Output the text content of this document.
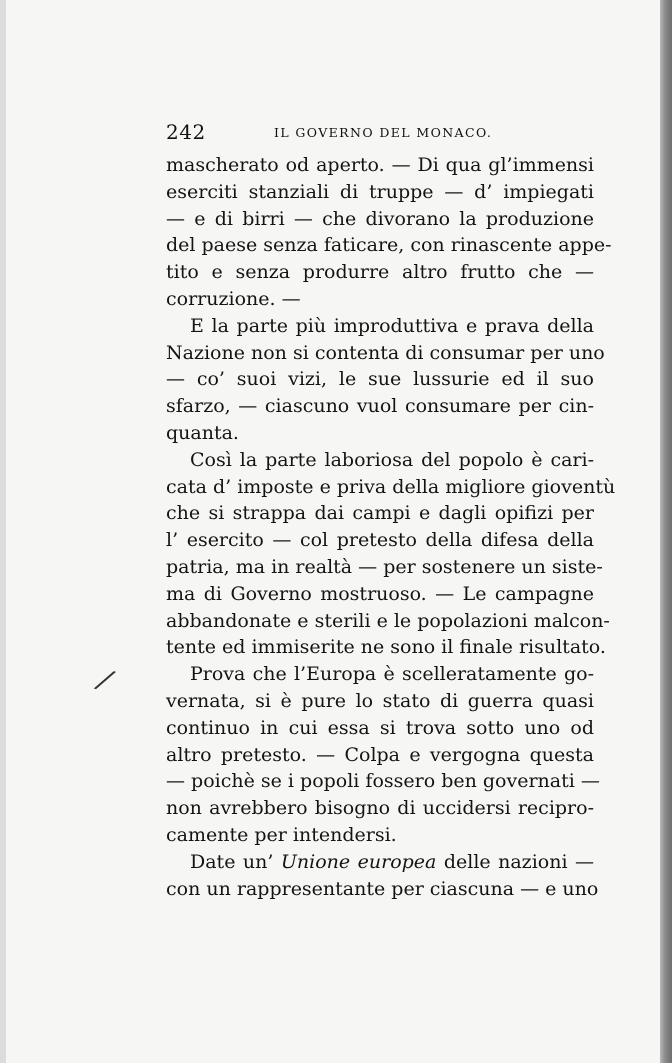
242	IL GOVERNO DEL MONACO.
⁄
mascherato od aperto. — Di qua gl’immensi
eserciti stanziali di truppe — d’ impiegati
— e di birri — che divorano la produzione
del paese senza faticare, con rinascente appe-
tito e senza produrre altro frutto che —
corruzione. —
E la parte più improduttiva e prava della
Nazione non si contenta di consumar per uno
— co’ suoi vizi, le sue lussurie ed il suo
sfarzo, — ciascuno vuol consumare per cin-
quanta.
Così la parte laboriosa del popolo è cari-
cata d’ imposte e priva della migliore gioventù
che si strappa dai campi e dagli opifizi per
l’ esercito — col pretesto della difesa della
patria, ma in realtà — per sostenere un siste-
ma di Governo mostruoso. — Le campagne
abbandonate e sterili e le popolazioni malcon-
tente ed immiserite ne sono il finale risultato.
Prova che l’Europa è scelleratamente go-
vernata, si è pure lo stato di guerra quasi
continuo in cui essa si trova sotto uno od
altro pretesto. — Colpa e vergogna questa
— poichè se i popoli fossero ben governati —
non avrebbero bisogno di uccidersi recipro-
camente per intendersi.
Date un’ Unione europea delle nazioni —
con un rappresentante per ciascuna — e uno
